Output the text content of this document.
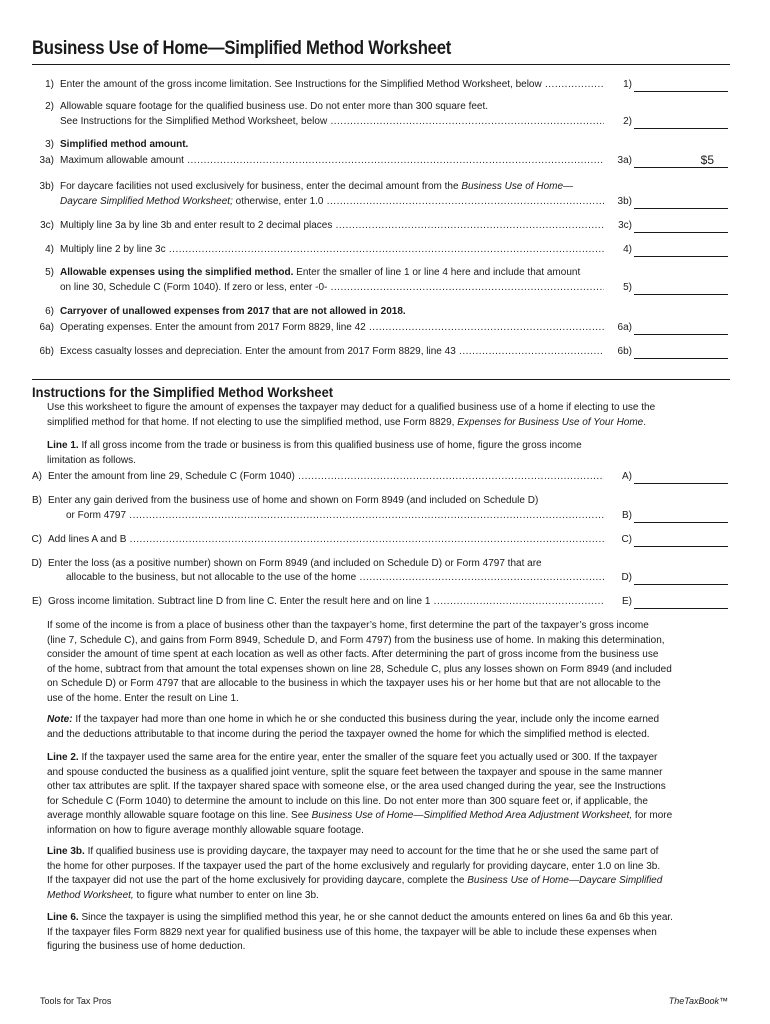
Business Use of Home—Simplified Method Worksheet
1) Enter the amount of the gross income limitation. See Instructions for the Simplified Method Worksheet, below .....	1)
2) Allowable square footage for the qualified business use. Do not enter more than 300 square feet.
See Instructions for the Simplified Method Worksheet, below .....	2)
3) Simplified method amount.
3a) Maximum allowable amount .....	3a)	$5
3b) For daycare facilities not used exclusively for business, enter the decimal amount from the Business Use of Home—
Daycare Simplified Method Worksheet; otherwise, enter 1.0 .....	3b)
3c) Multiply line 3a by line 3b and enter result to 2 decimal places .....	3c)
4) Multiply line 2 by line 3c .....	4)
5) Allowable expenses using the simplified method. Enter the smaller of line 1 or line 4 here and include that amount
on line 30, Schedule C (Form 1040). If zero or less, enter -0- .....	5)
6) Carryover of unallowed expenses from 2017 that are not allowed in 2018.
6a) Operating expenses. Enter the amount from 2017 Form 8829, line 42 .....	6a)
6b) Excess casualty losses and depreciation. Enter the amount from 2017 Form 8829, line 43 .....	6b)
Instructions for the Simplified Method Worksheet

Use this worksheet to figure the amount of expenses the taxpayer may deduct for a qualified business use of a home if electing to use the

simplified method for that home. If not electing to use the simplified method, use Form 8829, Expenses for Business Use of Your Home.

Line 1. If all gross income from the trade or business is from this qualified business use of home, figure the gross income

limitation as follows.

A) Enter the amount from line 29, Schedule C (Form 1040) .....	A)
B) Enter any gain derived from the business use of home and shown on Form 8949 (and included on Schedule D)
or Form 4797 .....	B)
C) Add lines A and B .....	C)
D) Enter the loss (as a positive number) shown on Form 8949 (and included on Schedule D) or Form 4797 that are
allocable to the business, but not allocable to the use of the home .....	D)
E) Gross income limitation. Subtract line D from line C. Enter the result here and on line 1 .....	E)

If some of the income is from a place of business other than the taxpayer’s home, first determine the part of the taxpayer’s gross income

(line 7, Schedule C), and gains from Form 8949, Schedule D, and Form 4797) from the business use of home. In making this determination,

consider the amount of time spent at each location as well as other facts. After determining the part of gross income from the business use

of the home, subtract from that amount the total expenses shown on line 28, Schedule C, plus any losses shown on Form 8949 (and included

on Schedule D) or Form 4797 that are allocable to the business in which the taxpayer uses his or her home but that are not allocable to the

use of the home. Enter the result on Line 1.

Note: If the taxpayer had more than one home in which he or she conducted this business during the year, include only the income earned

and the deductions attributable to that income during the period the taxpayer owned the home for which the simplified method is elected.

Line 2. If the taxpayer used the same area for the entire year, enter the smaller of the square feet you actually used or 300. If the taxpayer

and spouse conducted the business as a qualified joint venture, split the square feet between the taxpayer and spouse in the same manner

other tax attributes are split. If the taxpayer shared space with someone else, or the area used changed during the year, see the Instructions

for Schedule C (Form 1040) to determine the amount to include on this line. Do not enter more than 300 square feet or, if applicable, the

average monthly allowable square footage on this line. See Business Use of Home—Simplified Method Area Adjustment Worksheet, for more

information on how to figure average monthly allowable square footage.

Line 3b. If qualified business use is providing daycare, the taxpayer may need to account for the time that he or she used the same part of

the home for other purposes. If the taxpayer used the part of the home exclusively and regularly for providing daycare, enter 1.0 on line 3b.

If the taxpayer did not use the part of the home exclusively for providing daycare, complete the Business Use of Home—Daycare Simplified

Method Worksheet, to figure what number to enter on line 3b.

Line 6. Since the taxpayer is using the simplified method this year, he or she cannot deduct the amounts entered on lines 6a and 6b this year.

If the taxpayer files Form 8829 next year for qualified business use of this home, the taxpayer will be able to include these expenses when

figuring the business use of home deduction.

Tools for Tax Pros	TheTaxBook™
